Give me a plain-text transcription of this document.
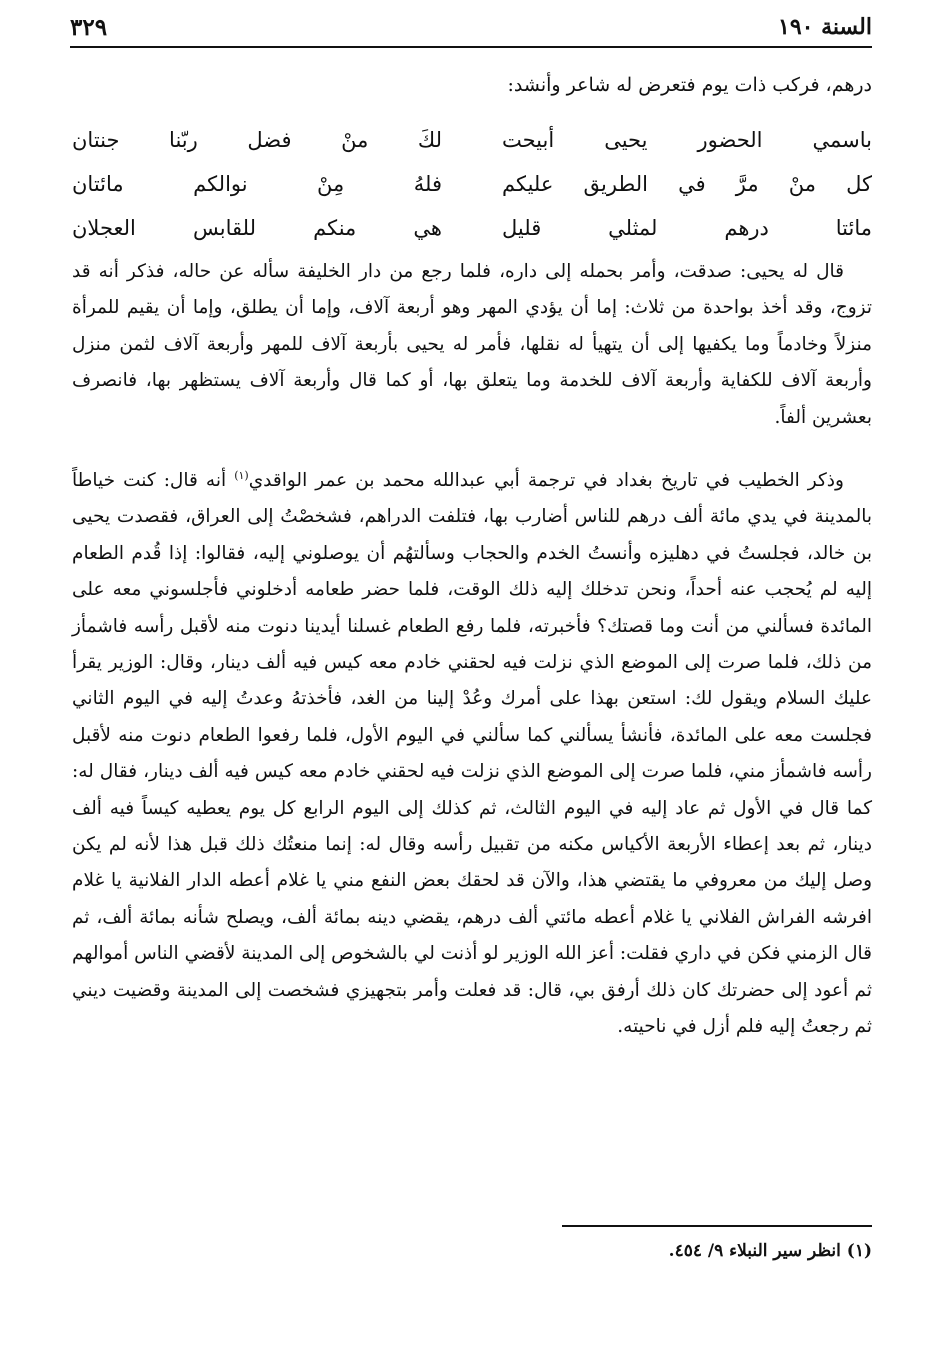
السنة ١٩٠
٣٢٩
درهم، فركب ذات يوم فتعرض له شاعر وأنشد:
باسمي الحضور يحيى أبيحت
لكَ منْ فضل ربّنا جنتان
كل منْ مرَّ في الطريق عليكم
فلهُ مِنْ نوالكم مائتان
مائتا درهم لمثلي قليل
هي منكم للقابس العجلان

قال له يحيى: صدقت، وأمر بحمله إلى داره، فلما رجع من دار الخليفة سأله عن حاله، فذكر أنه قد تزوج، وقد أخذ بواحدة من ثلاث: إما أن يؤدي المهر وهو أربعة آلاف، وإما أن يطلق، وإما أن يقيم للمرأة منزلاً وخادماً وما يكفيها إلى أن يتهيأ له نقلها، فأمر له يحيى بأربعة آلاف للمهر وأربعة آلاف لثمن منزل وأربعة آلاف للكفاية وأربعة آلاف للخدمة وما يتعلق بها، أو كما قال وأربعة آلاف يستظهر بها، فانصرف بعشرين ألفاً.

وذكر الخطيب في تاريخ بغداد في ترجمة أبي عبدالله محمد بن عمر الواقدي$^{(١)}$ أنه قال: كنت خياطاً بالمدينة في يدي مائة ألف درهم للناس أضارب بها، فتلفت الدراهم، فشخصْتُ إلى العراق، فقصدت يحيى بن خالد، فجلستُ في دهليزه وأنستُ الخدم والحجاب وسألتهُم أن يوصلوني إليه، فقالوا: إذا قُدم الطعام إليه لم يُحجب عنه أحداً، ونحن تدخلك إليه ذلك الوقت، فلما حضر طعامه أدخلوني فأجلسوني معه على المائدة فسألني من أنت وما قصتك؟ فأخبرته، فلما رفع الطعام غسلنا أيدينا دنوت منه لأقبل رأسه فاشمأز من ذلك، فلما صرت إلى الموضع الذي نزلت فيه لحقني خادم معه كيس فيه ألف دينار، وقال: الوزير يقرأ عليك السلام ويقول لك: استعن بهذا على أمرك وعُدْ إلينا من الغد، فأخذتهُ وعدتُ إليه في اليوم الثاني فجلست معه على المائدة، فأنشأ يسألني كما سألني في اليوم الأول، فلما رفعوا الطعام دنوت منه لأقبل رأسه فاشمأز مني، فلما صرت إلى الموضع الذي نزلت فيه لحقني خادم معه كيس فيه ألف دينار، فقال له: كما قال في الأول ثم عاد إليه في اليوم الثالث، ثم كذلك إلى اليوم الرابع كل يوم يعطيه كيساً فيه ألف دينار، ثم بعد إعطاء الأربعة الأكياس مكنه من تقبيل رأسه وقال له: إنما منعتُك ذلك قبل هذا لأنه لم يكن وصل إليك من معروفي ما يقتضي هذا، والآن قد لحقك بعض النفع مني يا غلام أعطه الدار الفلانية يا غلام افرشه الفراش الفلاني يا غلام أعطه مائتي ألف درهم، يقضي دينه بمائة ألف، ويصلح شأنه بمائة ألف، ثم قال الزمني فكن في داري فقلت: أعز الله الوزير لو أذنت لي بالشخوص إلى المدينة لأقضي الناس أموالهم ثم أعود إلى حضرتك كان ذلك أرفق بي، قال: قد فعلت وأمر بتجهيزي فشخصت إلى المدينة وقضيت ديني ثم رجعتُ إليه فلم أزل في ناحيته.

(١) انظر سير النبلاء ٩/ ٤٥٤.
